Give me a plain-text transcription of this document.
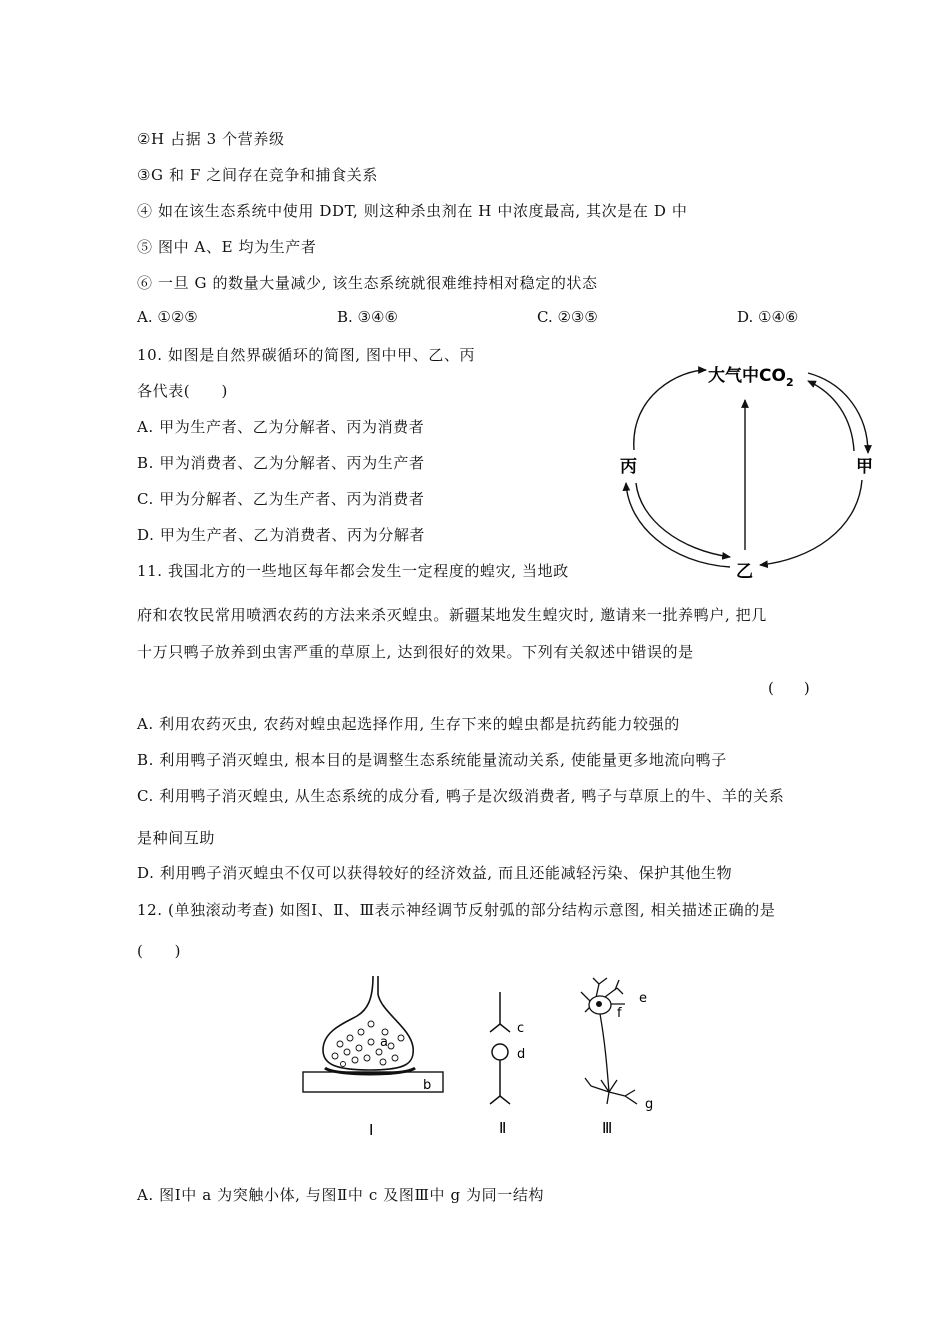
②H 占据 3 个营养级
③G 和 F 之间存在竞争和捕食关系
④ 如在该生态系统中使用 DDT, 则这种杀虫剂在 H 中浓度最高, 其次是在 D 中
⑤ 图中 A、E 均为生产者
⑥ 一旦 G 的数量大量减少, 该生态系统就很难维持相对稳定的状态
A. ①②⑤	B. ③④⑥	C. ②③⑤	D. ①④⑥
10. 如图是自然界碳循环的简图, 图中甲、乙、丙
各代表(　　)
A. 甲为生产者、乙为分解者、丙为消费者
B. 甲为消费者、乙为分解者、丙为生产者
C. 甲为分解者、乙为生产者、丙为消费者
D. 甲为生产者、乙为消费者、丙为分解者
大气中$CO_2$
甲
丙
乙
11. 我国北方的一些地区每年都会发生一定程度的蝗灾, 当地政
府和农牧民常用喷洒农药的方法来杀灭蝗虫。新疆某地发生蝗灾时, 邀请来一批养鸭户, 把几
十万只鸭子放养到虫害严重的草原上, 达到很好的效果。下列有关叙述中错误的是
(　　)
A. 利用农药灭虫, 农药对蝗虫起选择作用, 生存下来的蝗虫都是抗药能力较强的
B. 利用鸭子消灭蝗虫, 根本目的是调整生态系统能量流动关系, 使能量更多地流向鸭子
C. 利用鸭子消灭蝗虫, 从生态系统的成分看, 鸭子是次级消费者, 鸭子与草原上的牛、羊的关系
是种间互助
D. 利用鸭子消灭蝗虫不仅可以获得较好的经济效益, 而且还能减轻污染、保护其他生物
12. (单独滚动考查) 如图Ⅰ、Ⅱ、Ⅲ表示神经调节反射弧的部分结构示意图, 相关描述正确的是
(　　)
a
b
c
d
e
f
g
Ⅰ	Ⅱ	Ⅲ
A. 图Ⅰ中 a 为突触小体, 与图Ⅱ中 c 及图Ⅲ中 g 为同一结构
